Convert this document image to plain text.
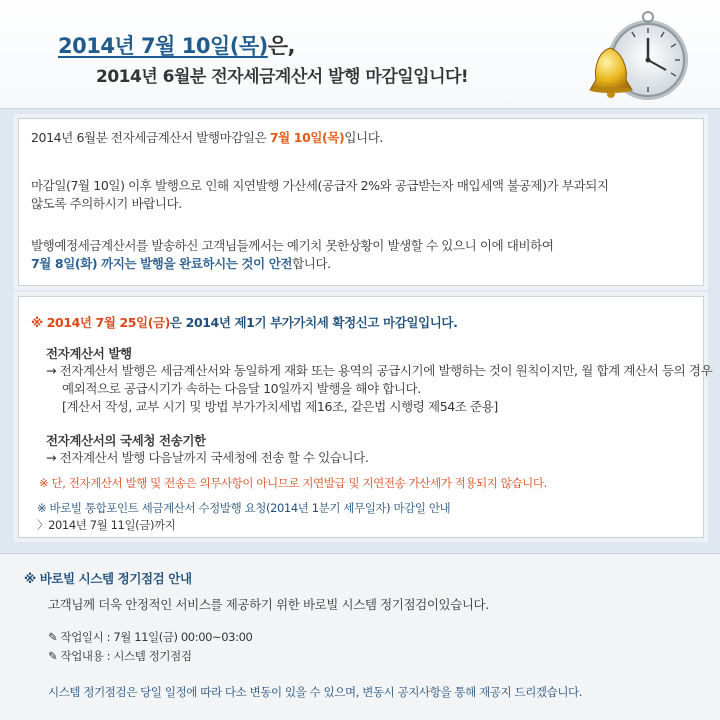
2014년 7월 10일(목)은,

2014년 6월분 전자세금계산서 발행 마감일입니다!

2014년 6월분 전자세금계산서 발행마감일은 7월 10일(목)입니다.

마감일(7월 10일) 이후 발행으로 인해 지연발행 가산세(공급자 2%와 공급받는자 매입세액 불공제)가 부과되지

않도록 주의하시기 바랍니다.

발행예정세금계산서를 발송하신 고객님들께서는 예기치 못한상황이 발생할 수 있으니 이에 대비하여

7월 8일(화) 까지는 발행을 완료하시는 것이 안전합니다.

※ 2014년 7월 25일(금)은 2014년 제1기 부가가치세 확정신고 마감일입니다.

전자계산서 발행

→ 전자계산서 발행은 세금계산서와 동일하게 재화 또는 용역의 공급시기에 발행하는 것이 원칙이지만, 월 합계 계산서 등의 경우

예외적으로 공급시기가 속하는 다음달 10일까지 발행을 해야 합니다.

[계산서 작성, 교부 시기 및 방법 부가가치세법 제16조, 같은법 시행령 제54조 준용]

전자계산서의 국세청 전송기한

→ 전자계산서 발행 다음날까지 국세청에 전송 할 수 있습니다.

※ 단, 전자계산서 발행 및 전송은 의무사항이 아니므로 지연발급 및 지연전송 가산세가 적용되지 않습니다.

※ 바로빌 통합포인트 세금계산서 수정발행 요청(2014년 1분기 세무일자) 마감일 안내

〉2014년 7월 11일(금)까지

※ 바로빌 시스템 정기점검 안내

고객님께 더욱 안정적인 서비스를 제공하기 위한 바로빌 시스템 정기점검이있습니다.

✎ 작업일시 : 7월 11일(금) 00:00~03:00

✎ 작업내용 : 시스템 정기점검

시스템 정기점검은 당일 일정에 따라 다소 변동이 있을 수 있으며, 변동시 공지사항을 통해 재공지 드리겠습니다.
